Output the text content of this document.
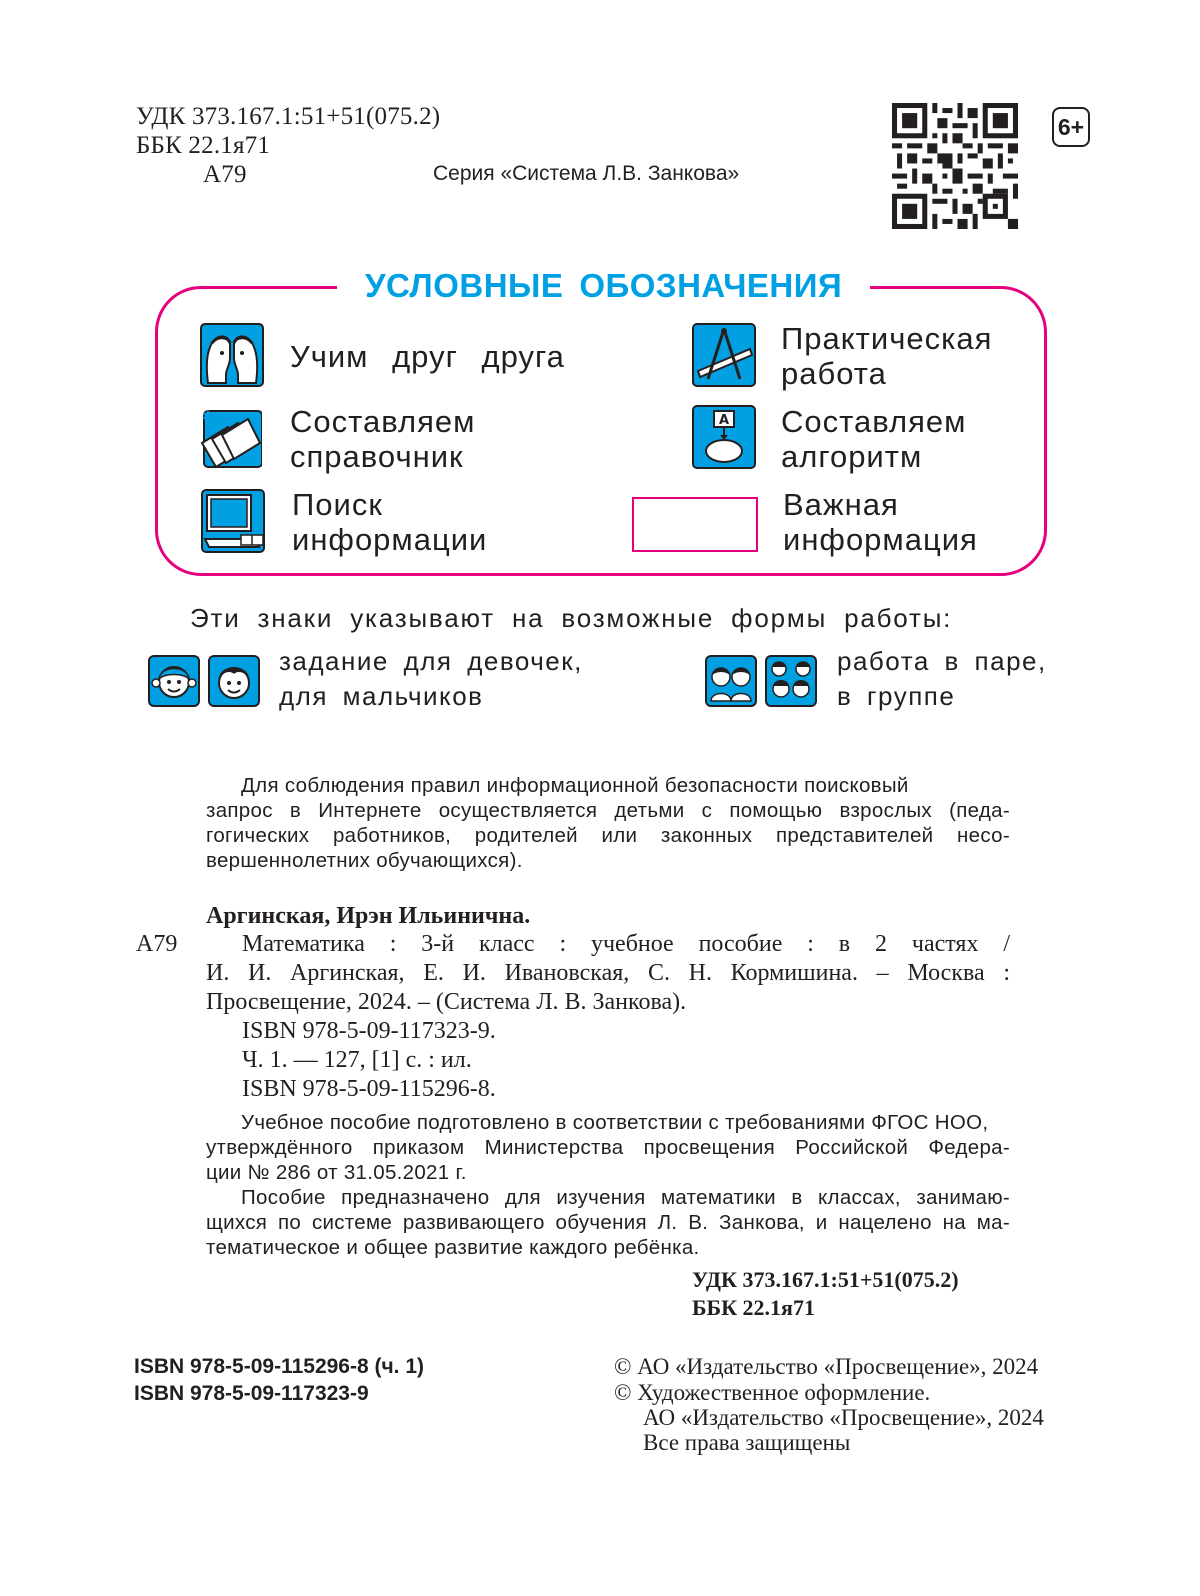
УДК 373.167.1:51+51(075.2)
ББК 22.1я71
А79	Серия «Система Л.В. Занкова»
6+
УСЛОВНЫЕ ОБОЗНАЧЕНИЯ
Учим друг друга
Практическая
работа
✱ Составляем
справочник
A Составляем
алгоритм
Поиск
информации
Важная
информация
Эти знаки указывают на возможные формы работы:
задание для девочек,
для мальчиков
работа в паре,
в группе
Для соблюдения правил информационной безопасности поисковый
запрос в Интернете осуществляется детьми с помощью взрослых (педа-
гогических работников, родителей или законных представителей несо-
вершеннолетних обучающихся).
Аргинская, Ирэн Ильинична.
А79	Математика : 3-й класс : учебное пособие : в 2 частях /
И. И. Аргинская, Е. И. Ивановская, С. Н. Кормишина. – Москва :
Просвещение, 2024. – (Система Л. В. Занкова).
ISBN 978-5-09-117323-9.
Ч. 1. — 127, [1] с. : ил.
ISBN 978-5-09-115296-8.
Учебное пособие подготовлено в соответствии с требованиями ФГОС НОО,
утверждённого приказом Министерства просвещения Российской Федера-
ции № 286 от 31.05.2021 г.
Пособие предназначено для изучения математики в классах, занимаю-
щихся по системе развивающего обучения Л. В. Занкова, и нацелено на ма-
тематическое и общее развитие каждого ребёнка.
УДК 373.167.1:51+51(075.2)
ББК 22.1я71
ISBN 978-5-09-115296-8 (ч. 1)
ISBN 978-5-09-117323-9
© АО «Издательство «Просвещение», 2024
© Художественное оформление.
АО «Издательство «Просвещение», 2024
Все права защищены
